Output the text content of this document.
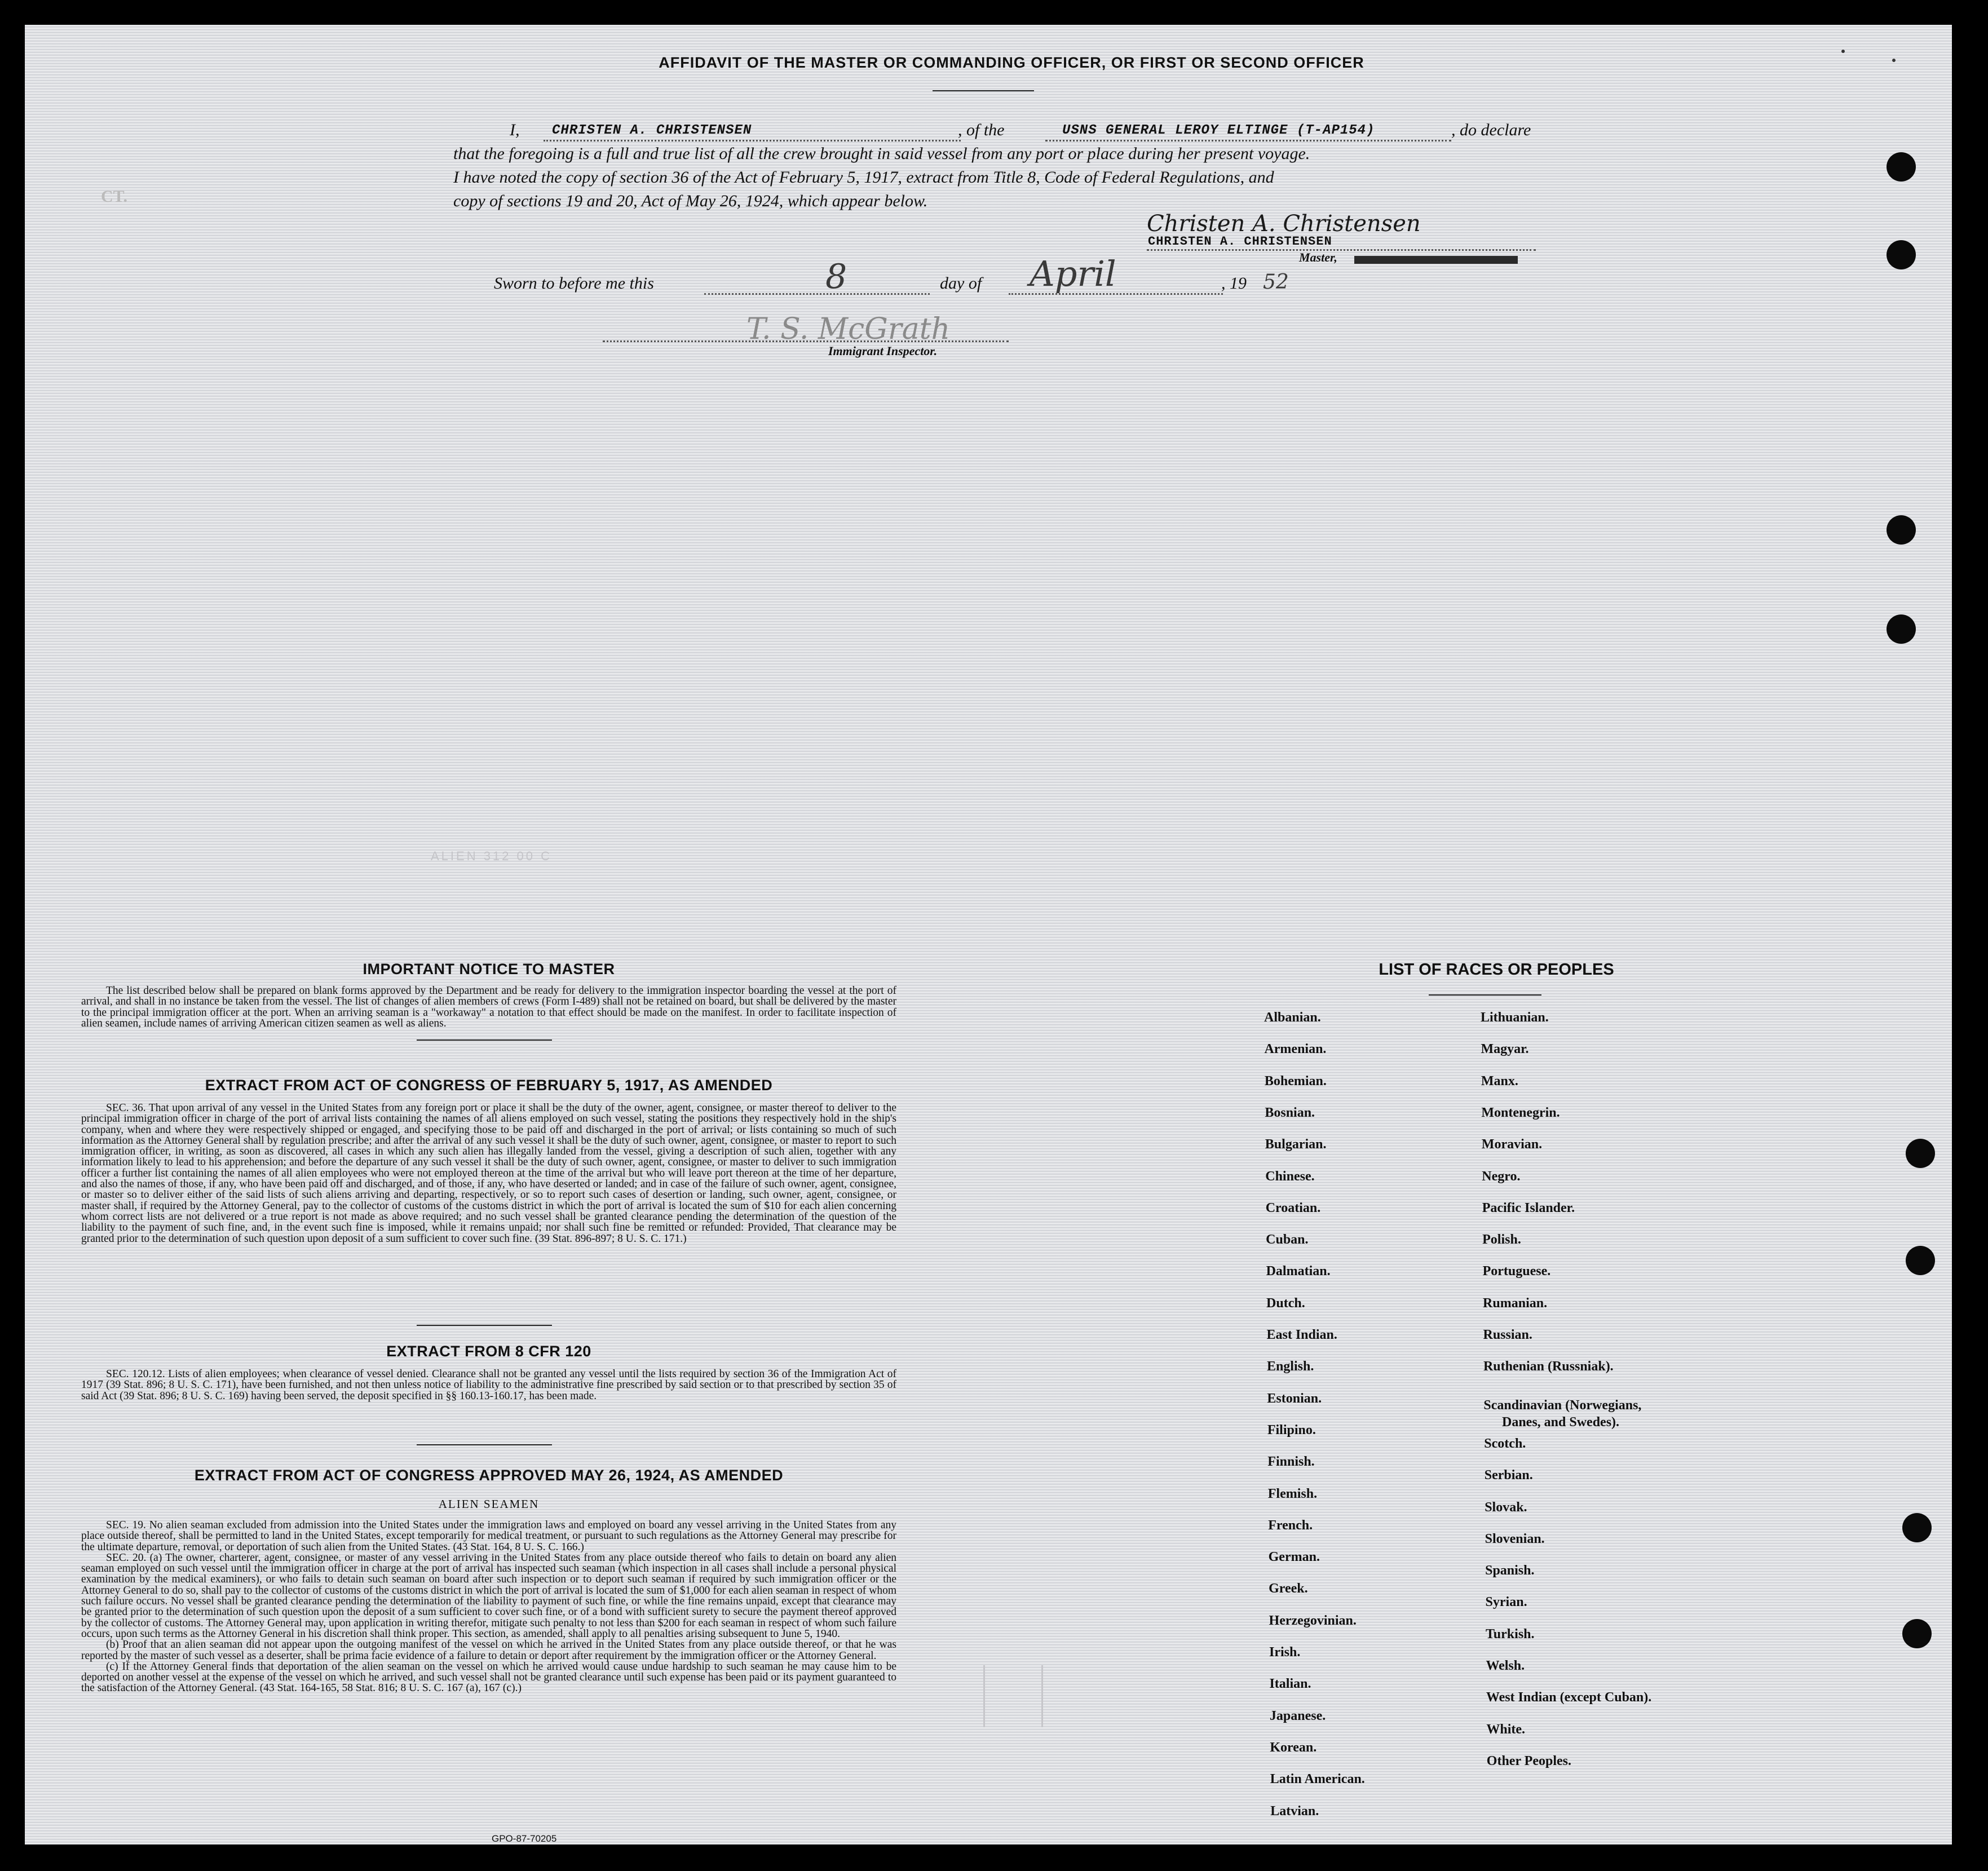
CT.
ALIEN 312 00 C
AFFIDAVIT OF THE MASTER OR COMMANDING OFFICER, OR FIRST OR SECOND OFFICER
I, CHRISTEN A. CHRISTENSEN	, of the	USNS GENERAL LEROY ELTINGE (T-AP154)	, do declare
that the foregoing is a full and true list of all the crew brought in said vessel from any port or place during her present voyage.
I have noted the copy of section 36 of the Act of February 5, 1917, extract from Title 8, Code of Federal Regulations, and
copy of sections 19 and 20, Act of May 26, 1924, which appear below.
Christen A. Christensen
CHRISTEN A. CHRISTENSEN
Master,
Sworn to before me this	8	day of April	, 19 52
T. S. McGrath
Immigrant Inspector.
IMPORTANT NOTICE TO MASTER

The list described below shall be prepared on blank forms approved by the Department and be ready for delivery to the immigration inspector boarding the vessel at the port of arrival, and shall in no instance be taken from the vessel. The list of changes of alien members of crews (Form I-489) shall not be retained on board, but shall be delivered by the master to the principal immigration officer at the port. When an arriving seaman is a "workaway" a notation to that effect should be made on the manifest. In order to facilitate inspection of alien seamen, include names of arriving American citizen seamen as well as aliens.

EXTRACT FROM ACT OF CONGRESS OF FEBRUARY 5, 1917, AS AMENDED

SEC. 36. That upon arrival of any vessel in the United States from any foreign port or place it shall be the duty of the owner, agent, consignee, or master thereof to deliver to the principal immigration officer in charge of the port of arrival lists containing the names of all aliens employed on such vessel, stating the positions they respectively hold in the ship's company, when and where they were respectively shipped or engaged, and specifying those to be paid off and discharged in the port of arrival; or lists containing so much of such information as the Attorney General shall by regulation prescribe; and after the arrival of any such vessel it shall be the duty of such owner, agent, consignee, or master to report to such immigration officer, in writing, as soon as discovered, all cases in which any such alien has illegally landed from the vessel, giving a description of such alien, together with any information likely to lead to his apprehension; and before the departure of any such vessel it shall be the duty of such owner, agent, consignee, or master to deliver to such immigration officer a further list containing the names of all alien employees who were not employed thereon at the time of the arrival but who will leave port thereon at the time of her departure, and also the names of those, if any, who have been paid off and discharged, and of those, if any, who have deserted or landed; and in case of the failure of such owner, agent, consignee, or master so to deliver either of the said lists of such aliens arriving and departing, respectively, or so to report such cases of desertion or landing, such owner, agent, consignee, or master shall, if required by the Attorney General, pay to the collector of customs of the customs district in which the port of arrival is located the sum of $10 for each alien concerning whom correct lists are not delivered or a true report is not made as above required; and no such vessel shall be granted clearance pending the determination of the question of the liability to the payment of such fine, and, in the event such fine is imposed, while it remains unpaid; nor shall such fine be remitted or refunded: Provided, That clearance may be granted prior to the determination of such question upon deposit of a sum sufficient to cover such fine. (39 Stat. 896-897; 8 U. S. C. 171.)

EXTRACT FROM 8 CFR 120

SEC. 120.12. Lists of alien employees; when clearance of vessel denied. Clearance shall not be granted any vessel until the lists required by section 36 of the Immigration Act of 1917 (39 Stat. 896; 8 U. S. C. 171), have been furnished, and not then unless notice of liability to the administrative fine prescribed by said section or to that prescribed by section 35 of said Act (39 Stat. 896; 8 U. S. C. 169) having been served, the deposit specified in §§ 160.13-160.17, has been made.

EXTRACT FROM ACT OF CONGRESS APPROVED MAY 26, 1924, AS AMENDED
ALIEN SEAMEN

SEC. 19. No alien seaman excluded from admission into the United States under the immigration laws and employed on board any vessel arriving in the United States from any place outside thereof, shall be permitted to land in the United States, except temporarily for medical treatment, or pursuant to such regulations as the Attorney General may prescribe for the ultimate departure, removal, or deportation of such alien from the United States. (43 Stat. 164, 8 U. S. C. 166.)

SEC. 20. (a) The owner, charterer, agent, consignee, or master of any vessel arriving in the United States from any place outside thereof who fails to detain on board any alien seaman employed on such vessel until the immigration officer in charge at the port of arrival has inspected such seaman (which inspection in all cases shall include a personal physical examination by the medical examiners), or who fails to detain such seaman on board after such inspection or to deport such seaman if required by such immigration officer or the Attorney General to do so, shall pay to the collector of customs of the customs district in which the port of arrival is located the sum of $1,000 for each alien seaman in respect of whom such failure occurs. No vessel shall be granted clearance pending the determination of the liability to payment of such fine, or while the fine remains unpaid, except that clearance may be granted prior to the determination of such question upon the deposit of a sum sufficient to cover such fine, or of a bond with sufficient surety to secure the payment thereof approved by the collector of customs. The Attorney General may, upon application in writing therefor, mitigate such penalty to not less than $200 for each seaman in respect of whom such failure occurs, upon such terms as the Attorney General in his discretion shall think proper. This section, as amended, shall apply to all penalties arising subsequent to June 5, 1940.

(b) Proof that an alien seaman did not appear upon the outgoing manifest of the vessel on which he arrived in the United States from any place outside thereof, or that he was reported by the master of such vessel as a deserter, shall be prima facie evidence of a failure to detain or deport after requirement by the immigration officer or the Attorney General.

(c) If the Attorney General finds that deportation of the alien seaman on the vessel on which he arrived would cause undue hardship to such seaman he may cause him to be deported on another vessel at the expense of the vessel on which he arrived, and such vessel shall not be granted clearance until such expense has been paid or its payment guaranteed to the satisfaction of the Attorney General. (43 Stat. 164-165, 58 Stat. 816; 8 U. S. C. 167 (a), 167 (c).)

GPO-87-70205
LIST OF RACES OR PEOPLES
Albanian.
Armenian.
Bohemian.
Bosnian.
Bulgarian.
Chinese.
Croatian.
Cuban.
Dalmatian.
Dutch.
East Indian.
English.
Estonian.
Filipino.
Finnish.
Flemish.
French.
German.
Greek.
Herzegovinian.
Irish.
Italian.
Japanese.
Korean.
Latin American.
Latvian.
Lithuanian.
Magyar.
Manx.
Montenegrin.
Moravian.
Negro.
Pacific Islander.
Polish.
Portuguese.
Rumanian.
Russian.
Ruthenian (Russniak).
Scandinavian (Norwegians,
Danes, and Swedes).
Scotch.
Serbian.
Slovak.
Slovenian.
Spanish.
Syrian.
Turkish.
Welsh.
West Indian (except Cuban).
White.
Other Peoples.
